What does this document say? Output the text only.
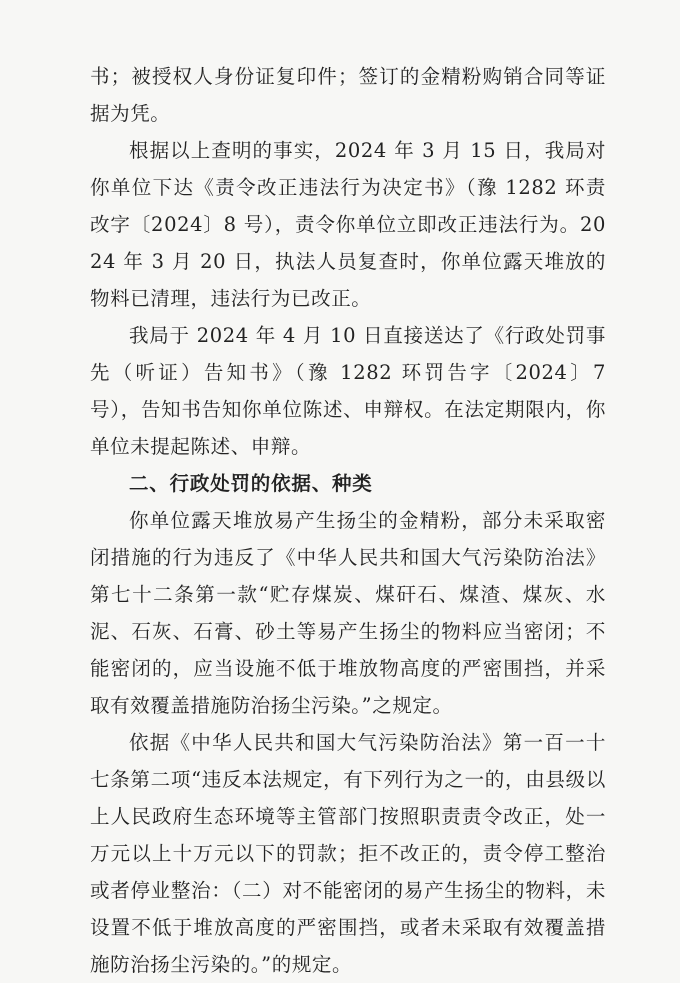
书；被授权人身份证复印件；签订的金精粉购销合同等证据为凭。

根据以上查明的事实，2024 年 3 月 15 日，我局对你单位下达《责令改正违法行为决定书》（豫 1282 环责改字〔2024〕8 号），责令你单位立即改正违法行为。2024 年 3 月 20 日，执法人员复查时，你单位露天堆放的物料已清理，违法行为已改正。

我局于 2024 年 4 月 10 日直接送达了《行政处罚事先（听证）告知书》（豫 1282 环罚告字〔2024〕7 号），告知书告知你单位陈述、申辩权。在法定期限内，你单位未提起陈述、申辩。

二、行政处罚的依据、种类

你单位露天堆放易产生扬尘的金精粉，部分未采取密闭措施的行为违反了《中华人民共和国大气污染防治法》第七十二条第一款“贮存煤炭、煤矸石、煤渣、煤灰、水泥、石灰、石膏、砂土等易产生扬尘的物料应当密闭；不能密闭的，应当设施不低于堆放物高度的严密围挡，并采取有效覆盖措施防治扬尘污染。”之规定。

依据《中华人民共和国大气污染防治法》第一百一十七条第二项“违反本法规定，有下列行为之一的，由县级以上人民政府生态环境等主管部门按照职责责令改正，处一万元以上十万元以下的罚款；拒不改正的，责令停工整治或者停业整治：（二）对不能密闭的易产生扬尘的物料，未设置不低于堆放高度的严密围挡，或者未采取有效覆盖措施防治扬尘污染的。”的规定。
